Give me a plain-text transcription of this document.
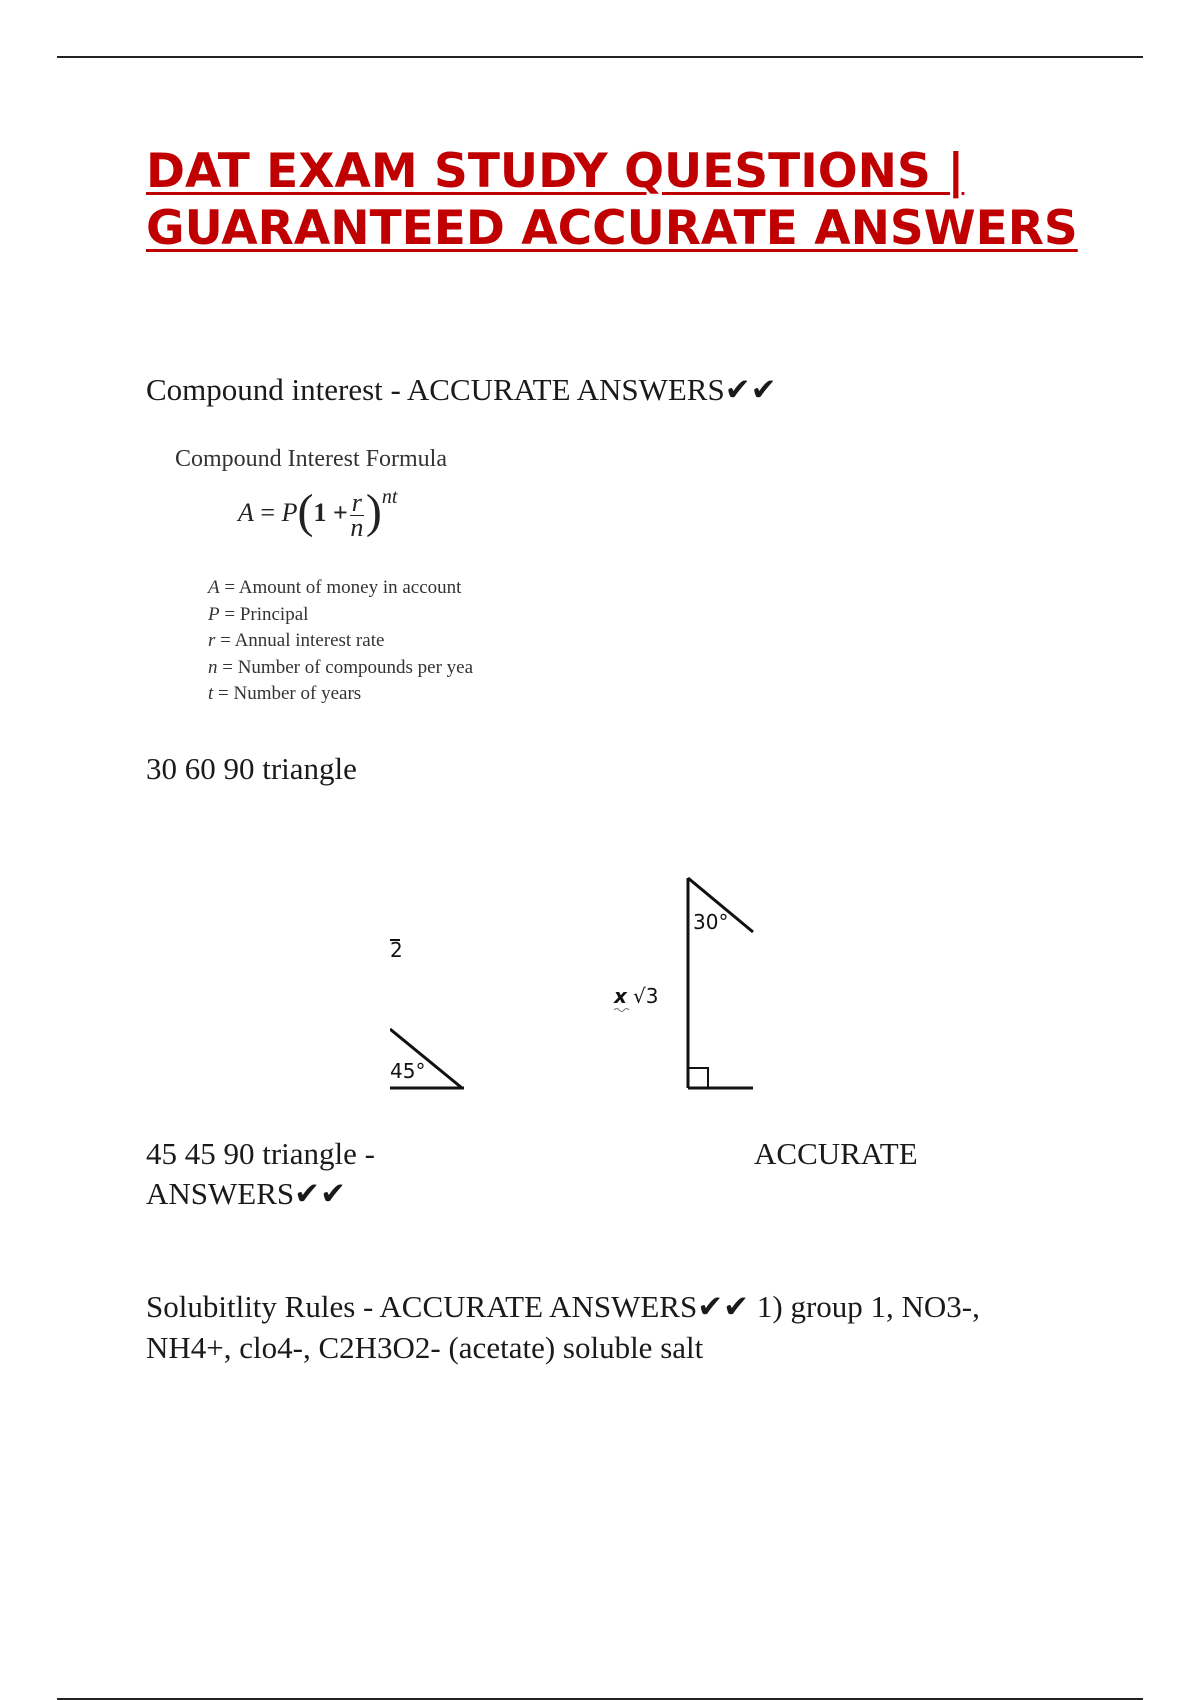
DAT EXAM STUDY QUESTIONS | GUARANTEED ACCURATE ANSWERS

Compound interest - ACCURATE ANSWERS✔✔

Compound Interest Formula
$A = P(1 + \frac{r}{n} )^{nt}$
A = Amount of money in account
P = Principal
r = Annual interest rate
n = Number of compounds per yea
t = Number of years

30 60 90 triangle

2
45°
30°
x √3

45 45 90 triangle -	ACCURATE

ANSWERS✔✔

Solubitlity Rules - ACCURATE ANSWERS✔✔ 1) group 1, NO3-,

NH4+, clo4-, C2H3O2- (acetate) soluble salt
